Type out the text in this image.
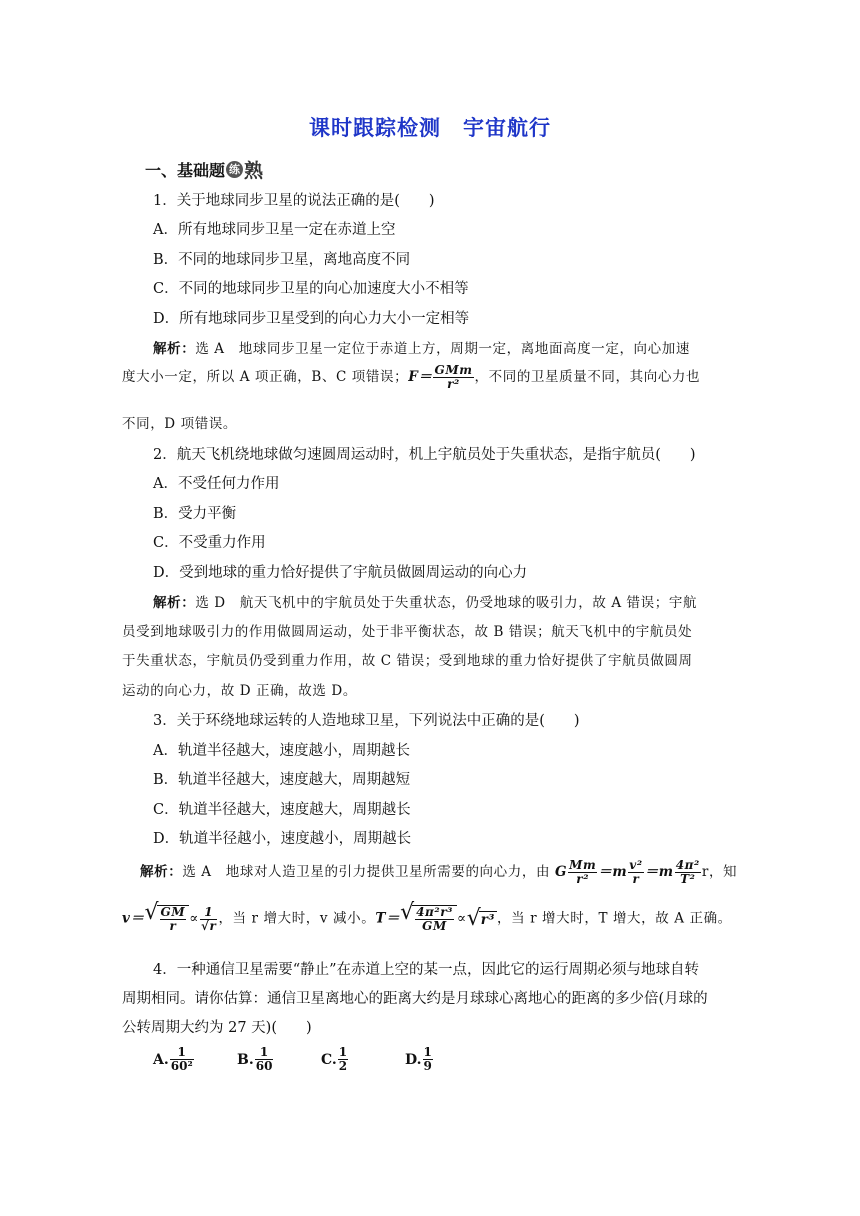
课时跟踪检测　宇宙航行
一、基础题 练 熟
1．关于地球同步卫星的说法正确的是(　　)
A．所有地球同步卫星一定在赤道上空
B．不同的地球同步卫星，离地高度不同
C．不同的地球同步卫星的向心加速度大小不相等
D．所有地球同步卫星受到的向心力大小一定相等
解析：选 A　地球同步卫星一定位于赤道上方，周期一定，离地面高度一定，向心加速
度大小一定，所以 A 项正确，B、C 项错误；$F= \frac{\text{GMm}}{\text{r²}}$ ，不同的卫星质量不同，其向心力也
不同，D 项错误。
2．航天飞机绕地球做匀速圆周运动时，机上宇航员处于失重状态，是指宇航员(　　)
A．不受任何力作用
B．受力平衡
C．不受重力作用
D．受到地球的重力恰好提供了宇航员做圆周运动的向心力
解析：选 D　航天飞机中的宇航员处于失重状态，仍受地球的吸引力，故 A 错误；宇航
员受到地球吸引力的作用做圆周运动，处于非平衡状态，故 B 错误；航天飞机中的宇航员处
于失重状态，宇航员仍受到重力作用，故 C 错误；受到地球的重力恰好提供了宇航员做圆周
运动的向心力，故 D 正确，故选 D。
3．关于环绕地球运转的人造地球卫星，下列说法中正确的是(　　)
A．轨道半径越大，速度越小，周期越长
B．轨道半径越大，速度越大，周期越短
C．轨道半径越大，速度越大，周期越长
D．轨道半径越小，速度越小，周期越长
解析：选 A　地球对人造卫星的引力提供卫星所需要的向心力，由 G $\frac{Mm}{\text{r²}} =m \frac{\text{v²}}{r} =m \frac{\text{4π²}}{\text{T²}}$ r，知
v＝ √ $\frac{GM}{r} \propto \frac{1}{√r}$ ，当 r 增大时，v 减小。T＝ √ $\frac{\text{4π²r³}}{GM}$ ∝ √ r³ ，当 r 增大时，T 增大，故 A 正确。
4．一种通信卫星需要“静止”在赤道上空的某一点，因此它的运行周期必须与地球自转
周期相同。请你估算：通信卫星离地心的距离大约是月球球心离地心的距离的多少倍(月球的
公转周期大约为 27 天)(　　)
A. $\frac{1}{\text{60²}}$	B. $\frac{1}{60}$	C. $\frac{1}{2}$	D. $\frac{1}{9}$
